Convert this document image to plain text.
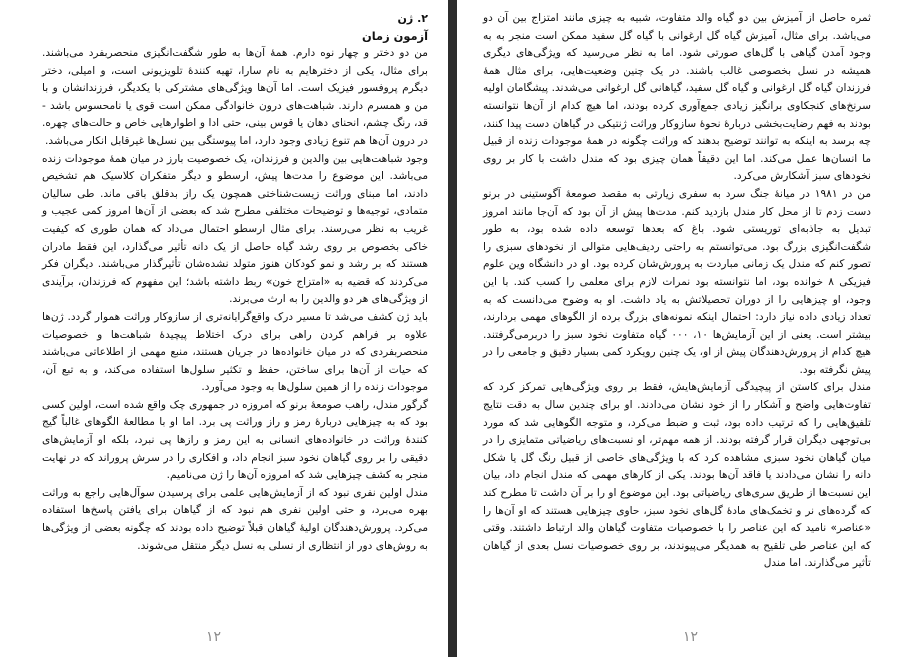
۲. ژن
آزمون زمان

من دو دختر و چهار نوه دارم. همهٔ آن‌ها به طور شگفت‌انگیزی منحصربفرد می‌باشند. برای مثال، یکی از دخترهایم به نام سارا، تهیه کنندهٔ تلویزیونی است، و امیلی، دختر دیگرم پروفسور فیزیک است. اما آن‌ها ویژگی‌های مشترکی با یکدیگر، فرزندانشان و با من و همسرم دارند. شباهت‌های درون خانوادگی ممکن است قوی یا نامحسوس باشد - قد، رنگ چشم، انحنای دهان یا قوس بینی، حتی ادا و اطوارهایی خاص و حالت‌های چهره. در درون آن‌ها هم تنوع زیادی وجود دارد، اما پیوستگی بین نسل‌ها غیرقابل انکار می‌باشد.

وجود شباهت‌هایی بین والدین و فرزندان، یک خصوصیت بارز در میان همهٔ موجودات زنده می‌باشد. این موضوع را مدت‌ها پیش، ارسطو و دیگر متفکران کلاسیک هم تشخیص دادند، اما مبنای وراثت زیست‌شناختی همچون یک راز بدقلق باقی ماند. طی سالیان متمادی، توجیه‌ها و توضیحات مختلفی مطرح شد که بعضی از آن‌ها امروز کمی عجیب و غریب به نظر می‌رسند. برای مثال ارسطو احتمال می‌داد که همان طوری که کیفیت خاکی بخصوص بر روی رشد گیاه حاصل از یک دانه تأثیر می‌گذارد، این فقط مادران هستند که بر رشد و نمو کودکان هنوز متولد نشده‌شان تأثیرگذار می‌باشند. دیگران فکر می‌کردند که قضیه به «امتزاج خون» ربط داشته باشد؛ این مفهوم که فرزندان، برآیندی از ویژگی‌های هر دو والدین را به ارث می‌برند.

باید ژن کشف می‌شد تا مسیر درک واقع‌گرایانه‌تری از سازوکار وراثت هموار گردد. ژن‌ها علاوه بر فراهم کردن راهی برای درک اختلاط پیچیدهٔ شباهت‌ها و خصوصیات منحصربفردی که در میان خانواده‌ها در جریان هستند، منبع مهمی از اطلاعاتی می‌باشند که حیات از آن‌ها برای ساختن، حفظ و تکثیر سلول‌ها استفاده می‌کند، و به تبع آن، موجودات زنده را از همین سلول‌ها به وجود می‌آورد.

گرگور مندل، راهب صومعهٔ برنو که امروزه در جمهوری چک واقع شده است، اولین کسی بود که به چیزهایی دربارهٔ رمز و راز وراثت پی برد. اما او با مطالعهٔ الگوهای غالباً گیج کنندهٔ وراثت در خانواده‌های انسانی به این رمز و رازها پی نبرد، بلکه او آزمایش‌های دقیقی را بر روی گیاهان نخود سبز انجام داد، و افکاری را در سرش پروراند که در نهایت منجر به کشف چیزهایی شد که امروزه آن‌ها را ژن می‌نامیم.

مندل اولین نفری نبود که از آزمایش‌هایی علمی برای پرسیدن سوآل‌هایی راجع به وراثت بهره می‌برد، و حتی اولین نفری هم نبود که از گیاهان برای یافتن پاسخ‌ها استفاده می‌کرد. پرورش‌دهندگان اولیهٔ گیاهان قبلاً توضیح داده بودند که چگونه بعضی از ویژگی‌ها به روش‌های دور از انتظاری از نسلی به نسل دیگر منتقل می‌شوند.

۱۲

ثمره حاصل از آمیزش بین دو گیاه والد متفاوت، شبیه به چیزی مانند امتزاج بین آن دو می‌باشد. برای مثال، آمیزش گیاه گل ارغوانی با گیاه گل سفید ممکن است منجر به به وجود آمدن گیاهی با گل‌های صورتی شود. اما به نظر می‌رسید که ویژگی‌های دیگری همیشه در نسل بخصوصی غالب باشند. در یک چنین وضعیت‌هایی، برای مثال همهٔ فرزندان گیاه گل ارغوانی و گیاه گل سفید، گیاهانی گل ارغوانی می‌شدند. پیشگامان اولیه سرنخ‌های کنجکاوی برانگیز زیادی جمع‌آوری کرده بودند، اما هیچ کدام از آن‌ها نتوانسته بودند به فهم رضایت‌بخشی دربارهٔ نحوهٔ سازوکار وراثت ژنتیکی در گیاهان دست پیدا کنند، چه برسد به اینکه به توانند توضیح بدهند که وراثت چگونه در همهٔ موجودات زنده از قبیل ما انسان‌ها عمل می‌کند. اما این دقیقاً همان چیزی بود که مندل داشت با کار بر روی نخودهای سبز آشکارش می‌کرد.

من در ۱۹۸۱ در میانهٔ جنگ سرد به سفری زیارتی به مقصد صومعهٔ آگوستینی در برنو دست زدم تا از محل کار مندل بازدید کنم. مدت‌ها پیش از آن بود که آن‌جا مانند امروز تبدیل به جاذبه‌ای توریستی شود. باغ که بعدها توسعه داده شده بود، به طور شگفت‌انگیزی بزرگ بود. می‌توانستم به راحتی ردیف‌هایی متوالی از نخودهای سبزی را تصور کنم که مندل یک زمانی مباردت به پرورش‌شان کرده بود. او در دانشگاه وین علوم فیزیکی ۸ خوانده بود، اما نتوانسته بود نمرات لازم برای معلمی را کسب کند. با این وجود، او چیزهایی را از دوران تحصیلاتش به یاد داشت. او به وضوح می‌دانست که به تعداد زیادی داده نیاز دارد: احتمال اینکه نمونه‌های بزرگ برده از الگوهای مهمی بردارند، بیشتر است. یعنی از این آزمایش‌ها ۱۰، ۰۰۰ گیاه متفاوت نخود سبز را دربرمی‌گرفتند. هیچ کدام از پرورش‌دهندگان پیش از او، یک چنین رویکرد کمی بسیار دقیق و جامعی را در پیش نگرفته بود.

مندل برای کاستن از پیچیدگی آزمایش‌هایش، فقط بر روی ویژگی‌هایی تمرکز کرد که تفاوت‌هایی واضح و آشکار را از خود نشان می‌دادند. او برای چندین سال به دقت نتایج تلفیق‌هایی را که ترتیب داده بود، ثبت و ضبط می‌کرد، و متوجه الگوهایی شد که مورد بی‌توجهی دیگران قرار گرفته بودند. از همه مهم‌تر، او نسبت‌های ریاضیاتی متمایزی را در میان گیاهان نخود سبزی مشاهده کرد که با ویژگی‌های خاصی از قبیل رنگ گل یا شکل دانه را نشان می‌دادند یا فاقد آن‌ها بودند. یکی از کارهای مهمی که مندل انجام داد، بیان این نسبت‌ها از طریق سری‌های ریاضیاتی بود. این موضوع او را بر آن داشت تا مطرح کند که گرده‌های نر و تخمک‌های مادهٔ گل‌های نخود سبز، حاوی چیزهایی هستند که او آن‌ها را «عناصر» نامید که این عناصر را با خصوصیات متفاوت گیاهان والد ارتباط داشتند. وقتی که این عناصر طی تلقیح به همدیگر می‌پیوندند، بر روی خصوصیات نسل بعدی از گیاهان تأثیر می‌گذارند. اما مندل

۱۲
